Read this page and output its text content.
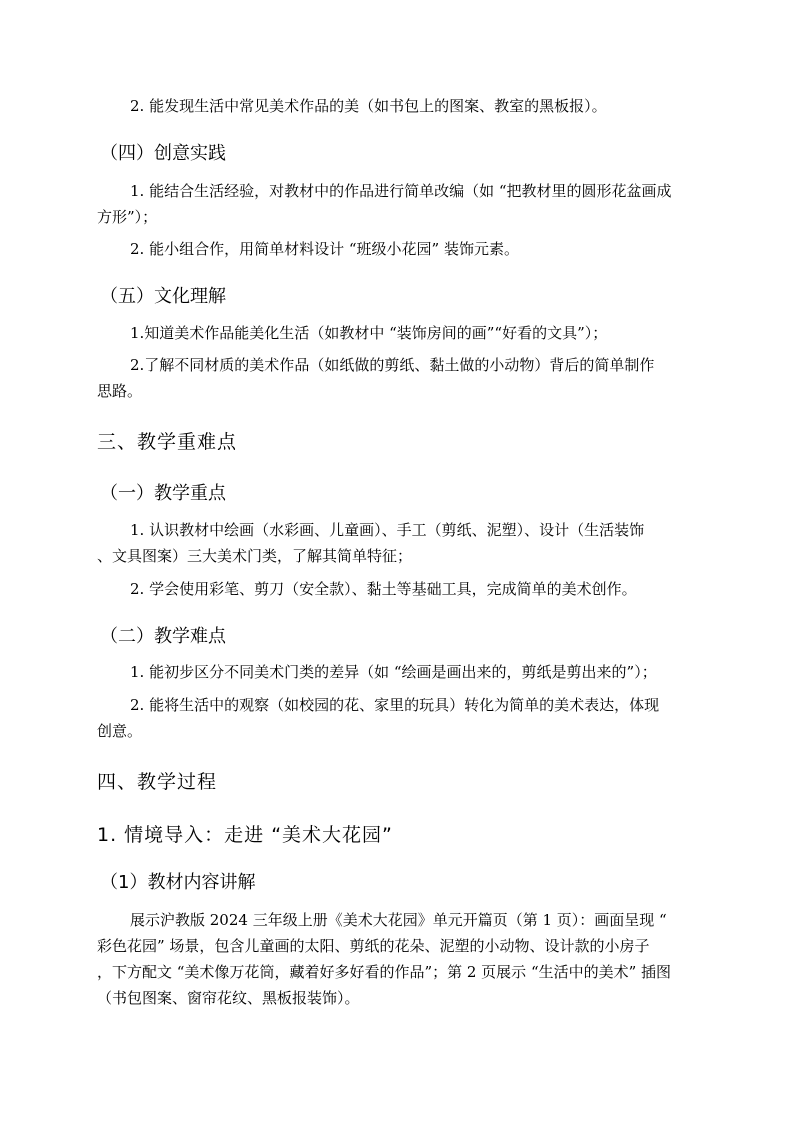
2. 能发现生活中常见美术作品的美（如书包上的图案、教室的黑板报）。
（四）创意实践
1. 能结合生活经验，对教材中的作品进行简单改编（如 “把教材里的圆形花盆画成
方形”）；
2. 能小组合作，用简单材料设计 “班级小花园” 装饰元素。
（五）文化理解
1.知道美术作品能美化生活（如教材中 “装饰房间的画”“好看的文具”）；
2.了解不同材质的美术作品（如纸做的剪纸、黏土做的小动物）背后的简单制作
思路。
三、教学重难点
（一）教学重点
1. 认识教材中绘画（水彩画、儿童画）、手工（剪纸、泥塑）、设计（生活装饰
、文具图案）三大美术门类，了解其简单特征；
2. 学会使用彩笔、剪刀（安全款）、黏土等基础工具，完成简单的美术创作。
（二）教学难点
1. 能初步区分不同美术门类的差异（如 “绘画是画出来的，剪纸是剪出来的”）；
2. 能将生活中的观察（如校园的花、家里的玩具）转化为简单的美术表达，体现
创意。
四、教学过程
1. 情境导入：走进 “美术大花园”
（1）教材内容讲解
展示沪教版 2024 三年级上册《美术大花园》单元开篇页（第 1 页）：画面呈现 “
彩色花园” 场景，包含儿童画的太阳、剪纸的花朵、泥塑的小动物、设计款的小房子
，下方配文 “美术像万花筒，藏着好多好看的作品”；第 2 页展示 “生活中的美术” 插图
（书包图案、窗帘花纹、黑板报装饰）。
